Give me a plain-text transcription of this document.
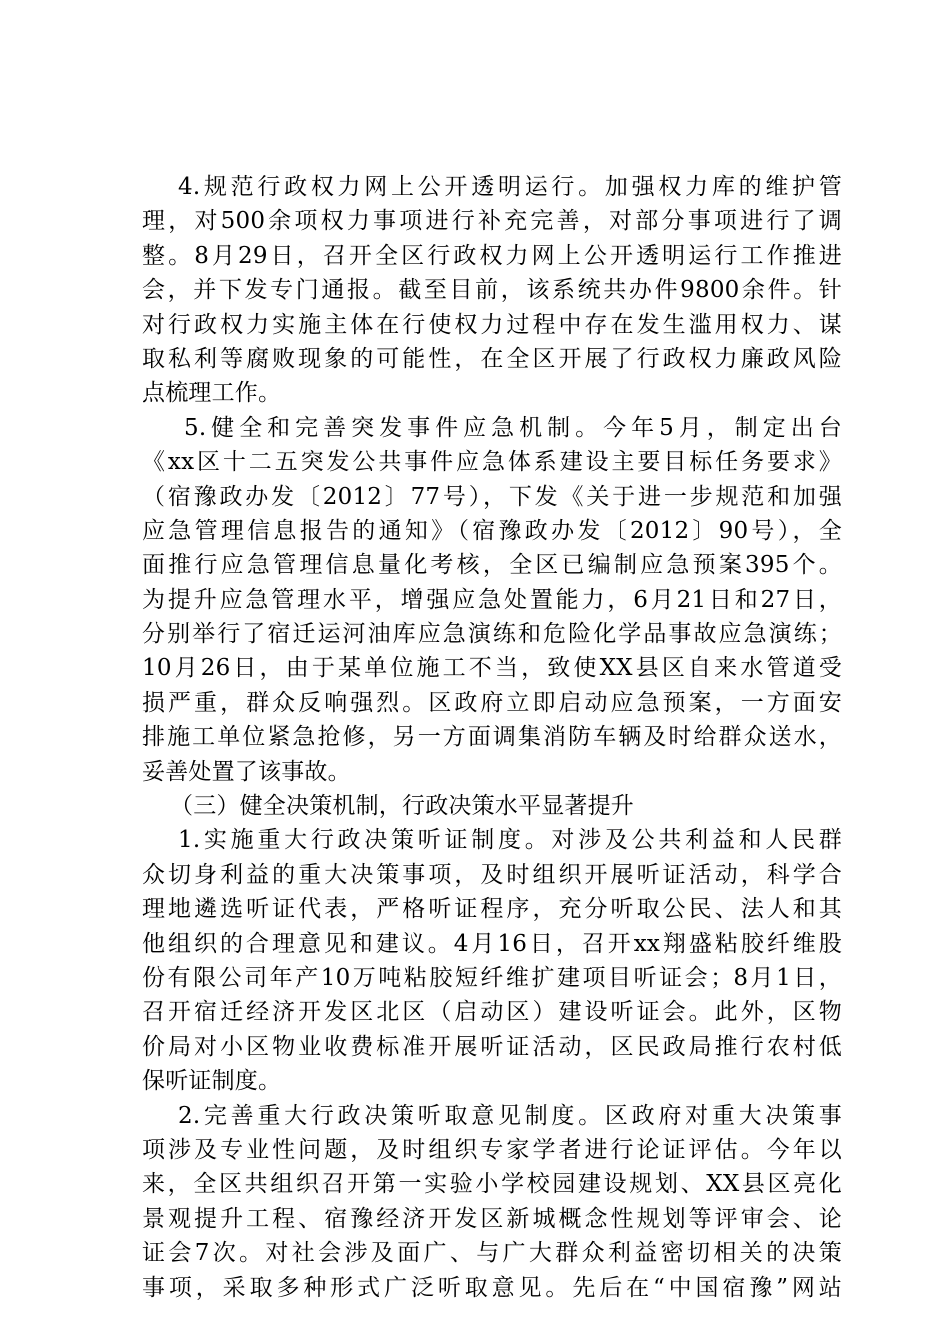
4.规范行政权力网上公开透明运行。加强权力库的维护管
理，对500余项权力事项进行补充完善，对部分事项进行了调
整。8月29日，召开全区行政权力网上公开透明运行工作推进
会，并下发专门通报。截至目前，该系统共办件9800余件。针
对行政权力实施主体在行使权力过程中存在发生滥用权力、谋
取私利等腐败现象的可能性，在全区开展了行政权力廉政风险
点梳理工作。
5.健全和完善突发事件应急机制。今年5月，制定出台
《xx区十二五突发公共事件应急体系建设主要目标任务要求》
（宿豫政办发〔2012〕77号），下发《关于进一步规范和加强
应急管理信息报告的通知》（宿豫政办发〔2012〕90号），全
面推行应急管理信息量化考核，全区已编制应急预案395个。
为提升应急管理水平，增强应急处置能力，6月21日和27日，
分别举行了宿迁运河油库应急演练和危险化学品事故应急演练；
10月26日，由于某单位施工不当，致使XX县区自来水管道受
损严重，群众反响强烈。区政府立即启动应急预案，一方面安
排施工单位紧急抢修，另一方面调集消防车辆及时给群众送水，
妥善处置了该事故。
（三）健全决策机制，行政决策水平显著提升
1.实施重大行政决策听证制度。对涉及公共利益和人民群
众切身利益的重大决策事项，及时组织开展听证活动，科学合
理地遴选听证代表，严格听证程序，充分听取公民、法人和其
他组织的合理意见和建议。4月16日，召开xx翔盛粘胶纤维股
份有限公司年产10万吨粘胶短纤维扩建项目听证会；8月1日，
召开宿迁经济开发区北区（启动区）建设听证会。此外，区物
价局对小区物业收费标准开展听证活动，区民政局推行农村低
保听证制度。
2.完善重大行政决策听取意见制度。区政府对重大决策事
项涉及专业性问题，及时组织专家学者进行论证评估。今年以
来，全区共组织召开第一实验小学校园建设规划、XX县区亮化
景观提升工程、宿豫经济开发区新城概念性规划等评审会、论
证会7次。对社会涉及面广、与广大群众利益密切相关的决策
事项，采取多种形式广泛听取意见。先后在“中国宿豫”网站
